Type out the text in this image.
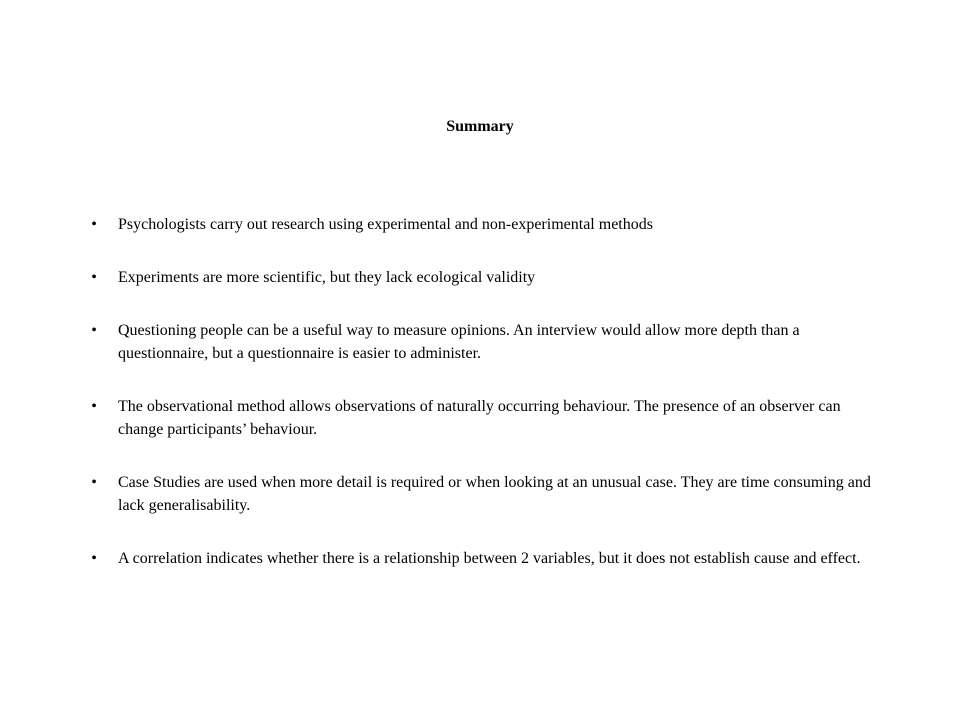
Summary
•	Psychologists carry out research using experimental and non-experimental methods
•	Experiments are more scientific, but they lack ecological validity
•	Questioning people can be a useful way to measure opinions. An interview would allow more depth than a questionnaire, but a questionnaire is easier to administer.
•	The observational method allows observations of naturally occurring behaviour. The presence of an observer can change participants’ behaviour.
•	Case Studies are used when more detail is required or when looking at an unusual case. They are time consuming and lack generalisability.
•	A correlation indicates whether there is a relationship between 2 variables, but it does not establish cause and effect.
